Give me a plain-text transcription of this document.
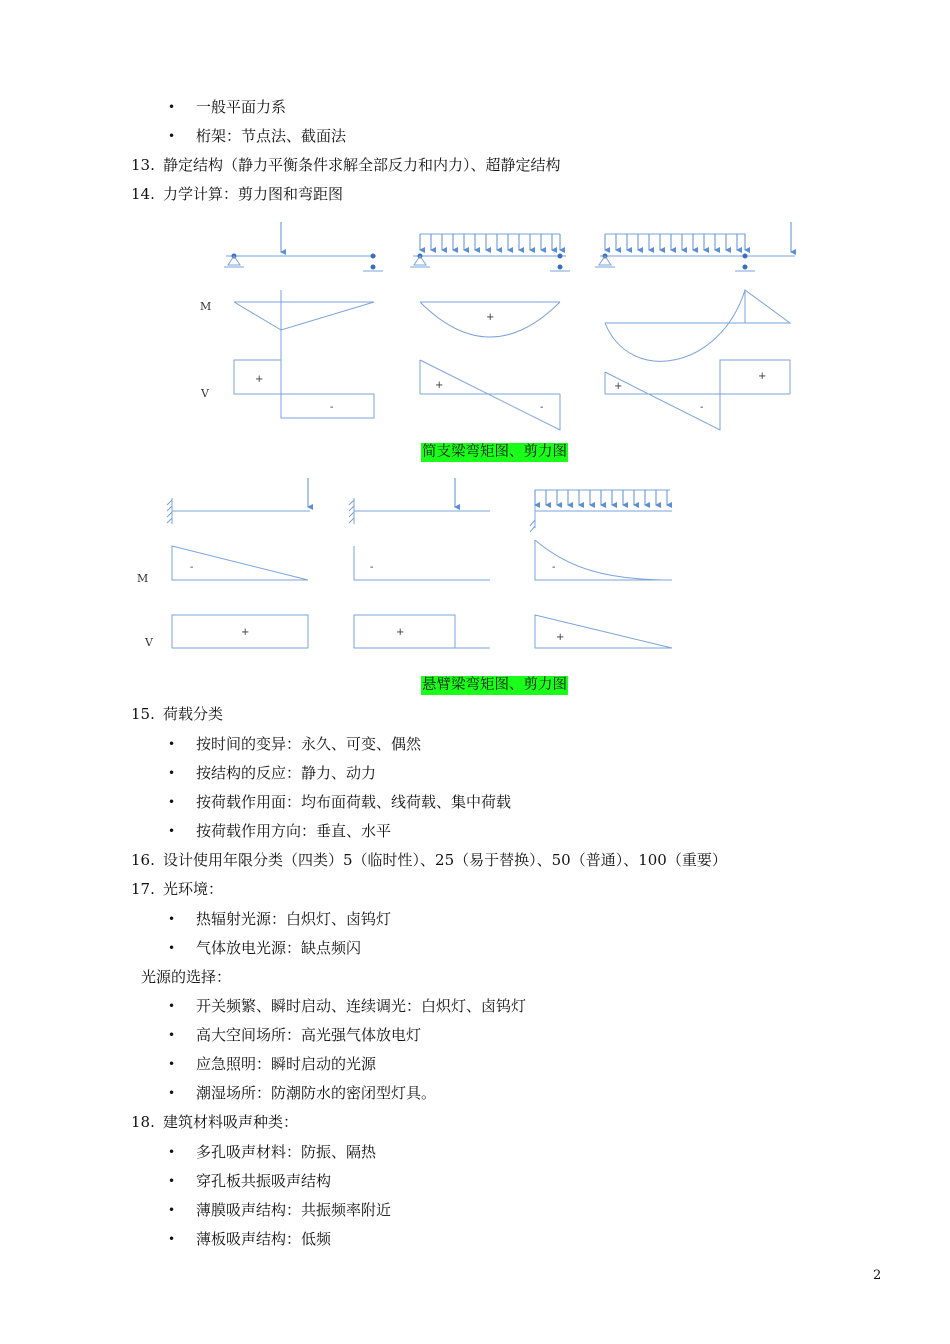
• 一般平面力系
• 桁架：节点法、截面法
13. 静定结构（静力平衡条件求解全部反力和内力）、超静定结构
14. 力学计算：剪力图和弯距图
M
V
+
+
-
+
-
+
-
+
M
V
-	-	-
+	+	+
简支梁弯矩图、剪力图
悬臂梁弯矩图、剪力图
15. 荷载分类
• 按时间的变异：永久、可变、偶然
• 按结构的反应：静力、动力
• 按荷载作用面：均布面荷载、线荷载、集中荷载
• 按荷载作用方向：垂直、水平
16. 设计使用年限分类（四类）5（临时性）、25（易于替换）、50（普通）、100（重要）
17. 光环境：
• 热辐射光源：白炽灯、卤钨灯
• 气体放电光源：缺点频闪
光源的选择：
• 开关频繁、瞬时启动、连续调光：白炽灯、卤钨灯
• 高大空间场所：高光强气体放电灯
• 应急照明：瞬时启动的光源
• 潮湿场所：防潮防水的密闭型灯具。
18. 建筑材料吸声种类：
• 多孔吸声材料：防振、隔热
• 穿孔板共振吸声结构
• 薄膜吸声结构：共振频率附近
• 薄板吸声结构：低频
2
